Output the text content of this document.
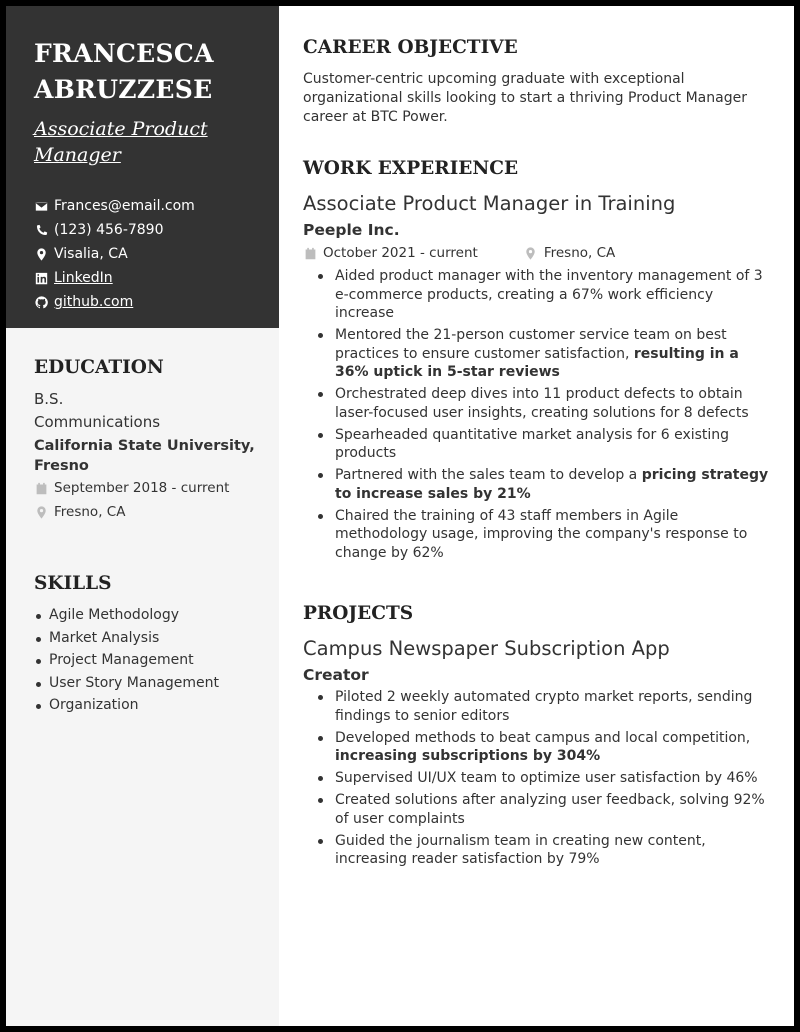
FRANCESCA
ABRUZZESE
Associate Product Manager
Frances@email.com
(123) 456-7890
Visalia, CA
LinkedIn
github.com
EDUCATION
B.S.
Communications
California State University, Fresno
September 2018 - current
Fresno, CA
SKILLS
Agile Methodology
Market Analysis
Project Management
User Story Management
Organization
CAREER OBJECTIVE
Customer-centric upcoming graduate with exceptional organizational skills looking to start a thriving Product Manager career at BTC Power.
WORK EXPERIENCE
Associate Product Manager in Training
Peeple Inc.
October 2021 - current	Fresno, CA
Aided product manager with the inventory management of 3 e-commerce products, creating a 67% work efficiency increase
Mentored the 21-person customer service team on best practices to ensure customer satisfaction, resulting in a 36% uptick in 5-star reviews
Orchestrated deep dives into 11 product defects to obtain laser-focused user insights, creating solutions for 8 defects
Spearheaded quantitative market analysis for 6 existing products
Partnered with the sales team to develop a pricing strategy to increase sales by 21%
Chaired the training of 43 staff members in Agile methodology usage, improving the company's response to change by 62%
PROJECTS
Campus Newspaper Subscription App
Creator
Piloted 2 weekly automated crypto market reports, sending findings to senior editors
Developed methods to beat campus and local competition, increasing subscriptions by 304%
Supervised UI/UX team to optimize user satisfaction by 46%
Created solutions after analyzing user feedback, solving 92% of user complaints
Guided the journalism team in creating new content, increasing reader satisfaction by 79%
